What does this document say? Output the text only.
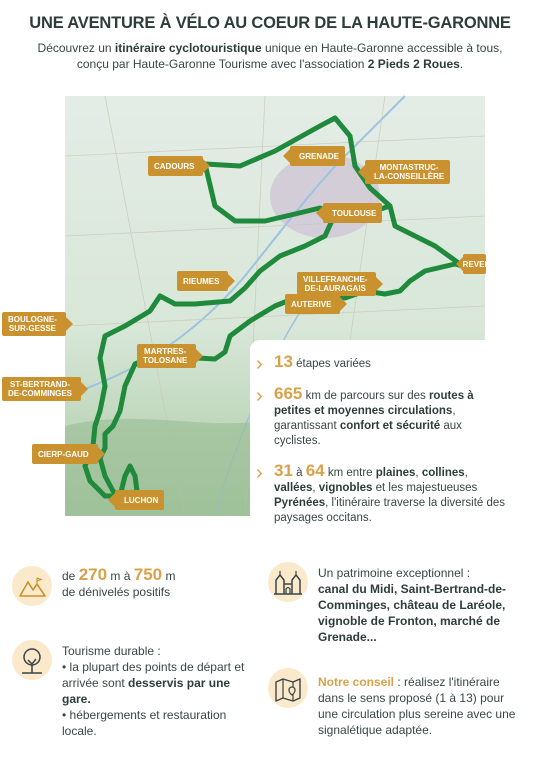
UNE AVENTURE À VÉLO AU COEUR DE LA HAUTE-GARONNE
Découvrez un itinéraire cyclotouristique unique en Haute-Garonne accessible à tous, conçu par Haute-Garonne Tourisme avec l'association 2 Pieds 2 Roues.
CADOURS
GRENADE
MONTASTRUC-
LA-CONSEILLÈRE
TOULOUSE
REVEL
VILLEFRANCHE-
DE-LAURAGAIS
RIEUMES
AUTERIVE
BOULOGNE-
SUR-GESSE
MARTRES-
TOLOSANE
ST-BERTRAND-
DE-COMMINGES
CIERP-GAUD
LUCHON
› 13 étapes variées
› 665 km de parcours sur des routes à petites et moyennes circulations, garantissant confort et sécurité aux cyclistes.
› 31 à 64 km entre plaines, collines, vallées, vignobles et les majestueuses Pyrénées, l'itinéraire traverse la diversité des paysages occitans.
de 270 m à 750 m
de dénivelés positifs
Un patrimoine exceptionnel :
canal du Midi, Saint-Bertrand-de-Comminges, château de Laréole, vignoble de Fronton, marché de Grenade...
Tourisme durable :
• la plupart des points de départ et arrivée sont desservis par une gare.
• hébergements et restauration locale.
Notre conseil : réalisez l'itinéraire dans le sens proposé (1 à 13) pour une circulation plus sereine avec une signalétique adaptée.
